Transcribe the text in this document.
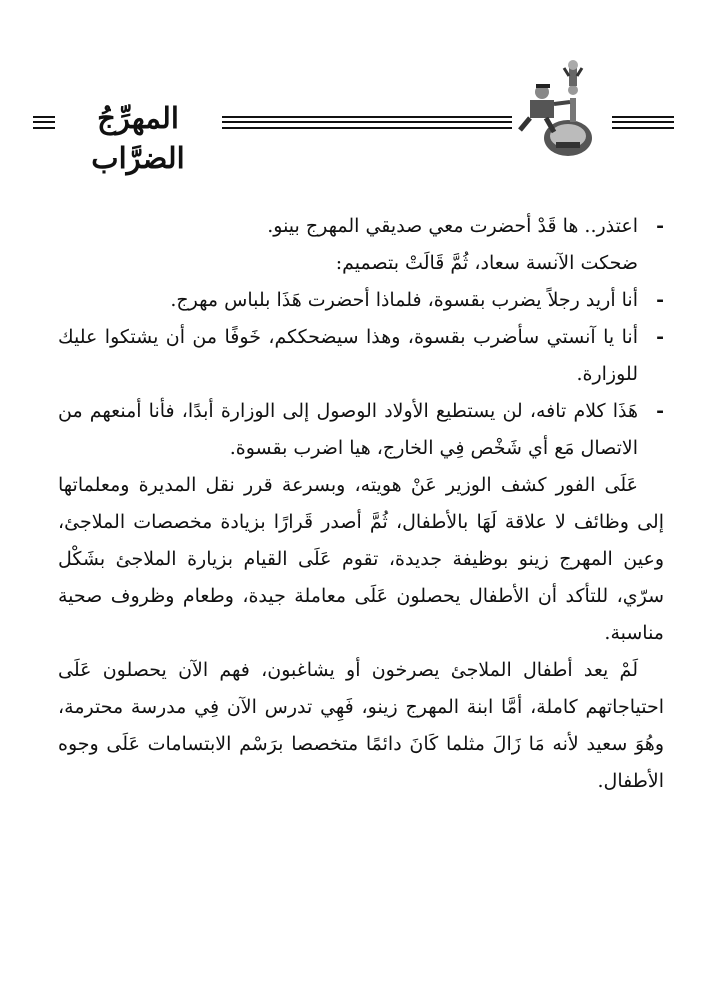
المهرِّجُ الضرَّاب

- اعتذر.. ها قَدْ أحضرت معي صديقي المهرج بينو.

ضحكت الآنسة سعاد، ثُمَّ قَالَتْ بتصميم:

- أنا أريد رجلاً يضرب بقسوة، فلماذا أحضرت هَذَا بلباس مهرج.

- أنا يا آنستي سأضرب بقسوة، وهذا سيضحككم، خَوفًا من أن يشتكوا عليك للوزارة.

- هَذَا كلام تافه، لن يستطيع الأولاد الوصول إلى الوزارة أبدًا، فأنا أمنعهم من الاتصال مَع أي شَخْص فِي الخارج، هيا اضرب بقسوة.

عَلَى الفور كشف الوزير عَنْ هويته، وبسرعة قرر نقل المديرة ومعلماتها إلى وظائف لا علاقة لَهَا بالأطفال، ثُمَّ أصدر قَرارًا بزيادة مخصصات الملاجئ، وعين المهرج زينو بوظيفة جديدة، تقوم عَلَى القيام بزيارة الملاجئ بشَكْل سرّي، للتأكد أن الأطفال يحصلون عَلَى معاملة جيدة، وطعام وظروف صحية مناسبة.

لَمْ يعد أطفال الملاجئ يصرخون أو يشاغبون، فهم الآن يحصلون عَلَى احتياجاتهم كاملة، أمَّا ابنة المهرج زينو، فَهِي تدرس الآن فِي مدرسة محترمة، وهُوَ سعيد لأنه مَا زَالَ مثلما كَانَ دائمًا متخصصا برَسْم الابتسامات عَلَى وجوه الأطفال.
